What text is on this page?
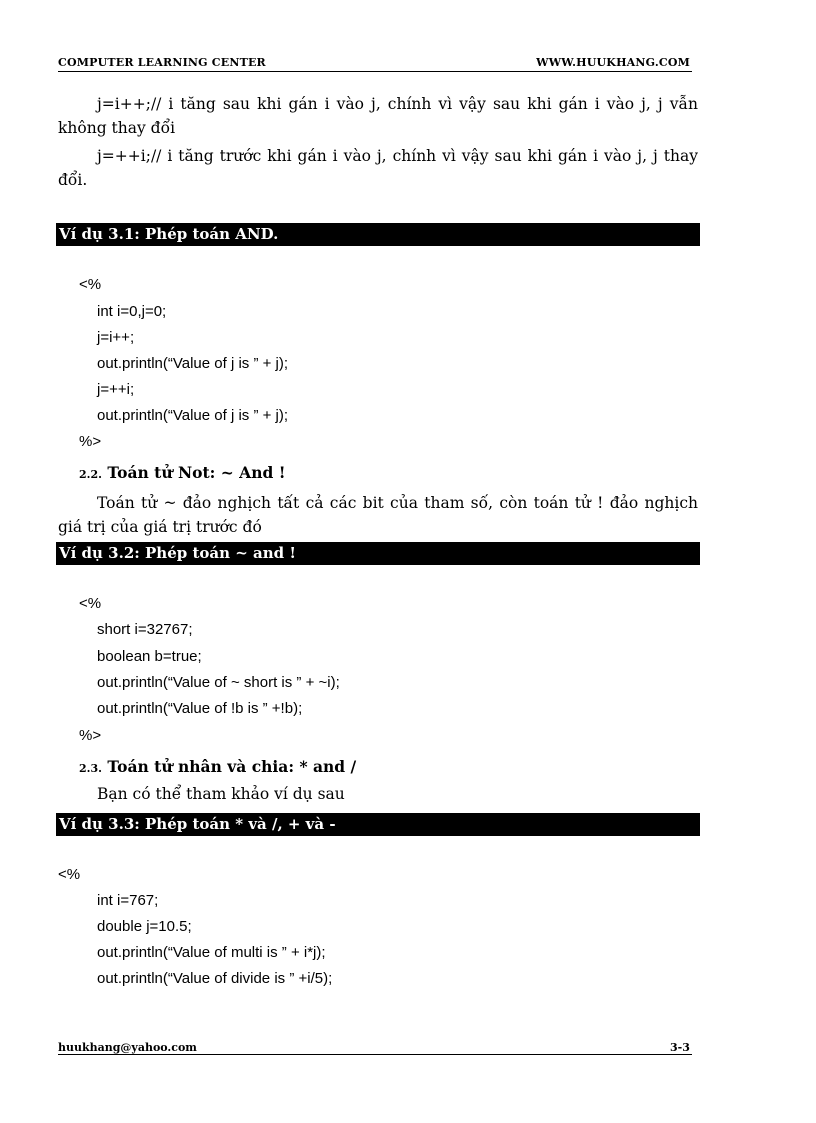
COMPUTER LEARNING CENTER	WWW.HUUKHANG.COM
j=i++;// i tăng sau khi gán i vào j, chính vì vậy sau khi gán i vào j, j vẫn không thay đổi
j=++i;// i tăng trước khi gán i vào j, chính vì vậy sau khi gán i vào j, j thay đổi.
Ví dụ 3.1: Phép toán AND.
<%
int i=0,j=0;
j=i++;
out.println(“Value of j is ” + j);
j=++i;
out.println(“Value of j is ” + j);
%>
2.2. Toán tử Not: ~ And !
Toán tử ~ đảo nghịch tất cả các bit của tham số, còn toán tử ! đảo nghịch giá trị của giá trị trước đó
Ví dụ 3.2: Phép toán ~ and !
<%
short i=32767;
boolean b=true;
out.println(“Value of ~ short is ” + ~i);
out.println(“Value of !b is ” +!b);
%>
2.3. Toán tử nhân và chia: * and /
Bạn có thể tham khảo ví dụ sau
Ví dụ 3.3: Phép toán * và /, + và -
<%
int i=767;
double j=10.5;
out.println(“Value of multi is ” + i*j);
out.println(“Value of divide is ” +i/5);
huukhang@yahoo.com	3-3
